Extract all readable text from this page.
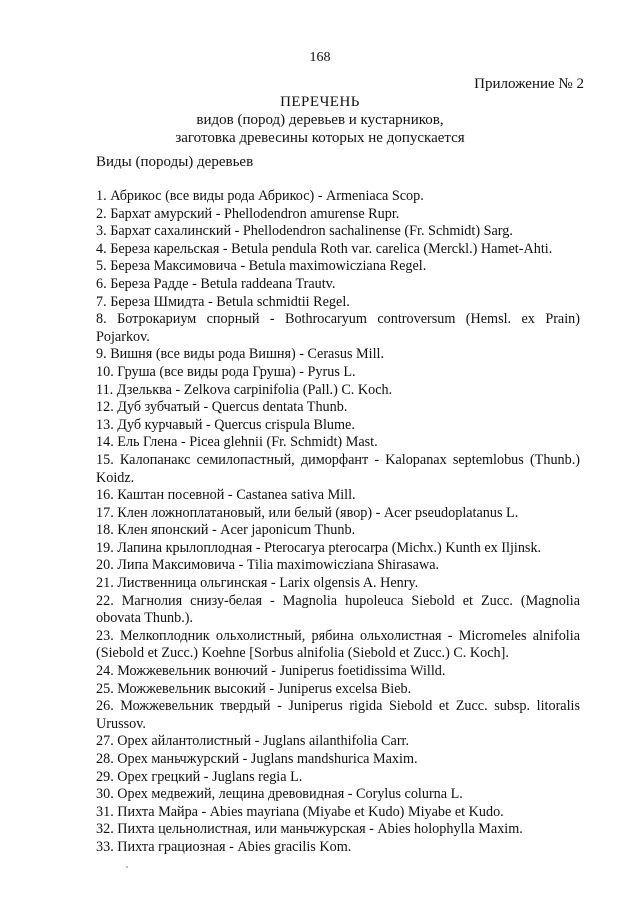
168
Приложение № 2
ПЕРЕЧЕНЬ
видов (пород) деревьев и кустарников,
заготовка древесины которых не допускается
Виды (породы) деревьев
1. Абрикос (все виды рода Абрикос) - Armeniaca Scop.
2. Бархат амурский - Phellodendron amurense Rupr.
3. Бархат сахалинский - Phellodendron sachalinense (Fr. Schmidt) Sarg.
4. Береза карельская - Betula pendula Roth var. carelica (Merckl.) Hamet-Ahti.
5. Береза Максимовича - Betula maximowicziana Regel.
6. Береза Радде - Betula raddeana Trautv.
7. Береза Шмидта - Betula schmidtii Regel.
8. Ботрокариум спорный - Bothrocaryum controversum (Hemsl. ex Prain) Pojarkov.
9. Вишня (все виды рода Вишня) - Cerasus Mill.
10. Груша (все виды рода Груша) - Pyrus L.
11. Дзельква - Zelkova carpinifolia (Pall.) C. Koch.
12. Дуб зубчатый - Quercus dentata Thunb.
13. Дуб курчавый - Quercus crispula Blume.
14. Ель Глена - Picea glehnii (Fr. Schmidt) Mast.
15. Калопанакс семилопастный, диморфант - Kalopanax septemlobus (Thunb.) Koidz.
16. Каштан посевной - Castanea sativa Mill.
17. Клен ложноплатановый, или белый (явор) - Acer pseudoplatanus L.
18. Клен японский - Acer japonicum Thunb.
19. Лапина крылоплодная - Pterocarya pterocarpa (Michx.) Kunth ex Iljinsk.
20. Липа Максимовича - Tilia maximowicziana Shirasawa.
21. Лиственница ольгинская - Larix olgensis A. Henry.
22. Магнолия снизу-белая - Magnolia hupoleuca Siebold et Zucc. (Magnolia obovata Thunb.).
23. Мелкоплодник ольхолистный, рябина ольхолистная - Micromeles alnifolia (Siebold et Zucc.) Koehne [Sorbus alnifolia (Siebold et Zucc.) C. Koch].
24. Можжевельник вонючий - Juniperus foetidissima Willd.
25. Можжевельник высокий - Juniperus excelsa Bieb.
26. Можжевельник твердый - Juniperus rigida Siebold et Zucc. subsp. litoralis Urussov.
27. Орех айлантолистный - Juglans ailanthifolia Carr.
28. Орех маньчжурский - Juglans mandshurica Maxim.
29. Орех грецкий - Juglans regia L.
30. Орех медвежий, лещина древовидная - Corylus colurna L.
31. Пихта Майра - Abies mayriana (Miyabe et Kudo) Miyabe et Kudo.
32. Пихта цельнолистная, или маньчжурская - Abies holophylla Maxim.
33. Пихта грациозная - Abies gracilis Kom.
